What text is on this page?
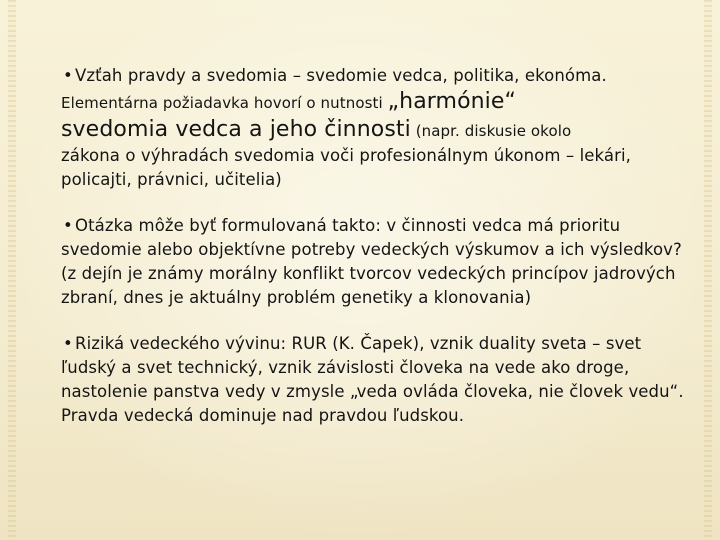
• Vzťah pravdy a svedomia – svedomie vedca, politika, ekonóma.
Elementárna požiadavka hovorí o nutnosti „harmónie“
svedomia vedca a jeho činnosti (napr. diskusie okolo
zákona o výhradách svedomia voči profesionálnym úkonom – lekári, policajti, právnici, učitelia)
• Otázka môže byť formulovaná takto: v činnosti vedca má prioritu svedomie alebo objektívne potreby vedeckých výskumov a ich výsledkov? (z dejín je známy morálny konflikt tvorcov vedeckých princípov jadrových zbraní, dnes je aktuálny problém genetiky a klonovania)
• Riziká vedeckého vývinu: RUR (K. Čapek), vznik duality sveta – svet ľudský a svet technický, vznik závislosti človeka na vede ako droge, nastolenie panstva vedy v zmysle „veda ovláda človeka, nie človek vedu“. Pravda vedecká dominuje nad pravdou ľudskou.
